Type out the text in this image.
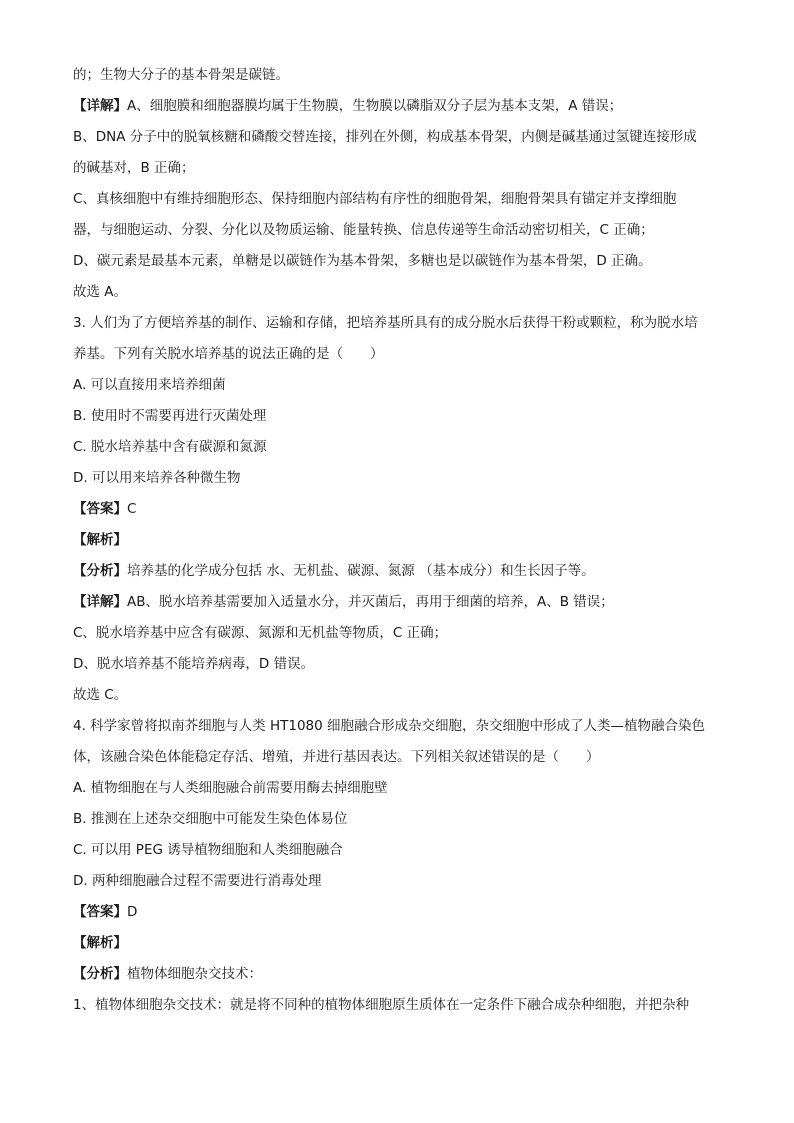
的；生物大分子的基本骨架是碳链。
【详解】A、细胞膜和细胞器膜均属于生物膜，生物膜以磷脂双分子层为基本支架，A 错误；
B、DNA 分子中的脱氧核糖和磷酸交替连接，排列在外侧，构成基本骨架，内侧是碱基通过氢键连接形成
的碱基对，B 正确；
C、真核细胞中有维持细胞形态、保持细胞内部结构有序性的细胞骨架，细胞骨架具有锚定并支撑细胞
器，与细胞运动、分裂、分化以及物质运输、能量转换、信息传递等生命活动密切相关，C 正确；
D、碳元素是最基本元素，单糖是以碳链作为基本骨架，多糖也是以碳链作为基本骨架，D 正确。
故选 A。
3. 人们为了方便培养基的制作、运输和存储，把培养基所具有的成分脱水后获得干粉或颗粒，称为脱水培
养基。下列有关脱水培养基的说法正确的是（　　）
A. 可以直接用来培养细菌
B. 使用时不需要再进行灭菌处理
C. 脱水培养基中含有碳源和氮源
D. 可以用来培养各种微生物
【答案】C
【解析】
【分析】培养基的化学成分包括 水、无机盐、碳源、氮源 （基本成分）和生长因子等。
【详解】AB、脱水培养基需要加入适量水分，并灭菌后，再用于细菌的培养，A、B 错误；
C、脱水培养基中应含有碳源、氮源和无机盐等物质，C 正确；
D、脱水培养基不能培养病毒，D 错误。
故选 C。
4. 科学家曾将拟南芥细胞与人类 HT1080 细胞融合形成杂交细胞，杂交细胞中形成了人类—植物融合染色
体，该融合染色体能稳定存活、增殖，并进行基因表达。下列相关叙述错误的是（　　）
A. 植物细胞在与人类细胞融合前需要用酶去掉细胞壁
B. 推测在上述杂交细胞中可能发生染色体易位
C. 可以用 PEG 诱导植物细胞和人类细胞融合
D. 两种细胞融合过程不需要进行消毒处理
【答案】D
【解析】
【分析】植物体细胞杂交技术：
1、植物体细胞杂交技术：就是将不同种的植物体细胞原生质体在一定条件下融合成杂种细胞，并把杂种
